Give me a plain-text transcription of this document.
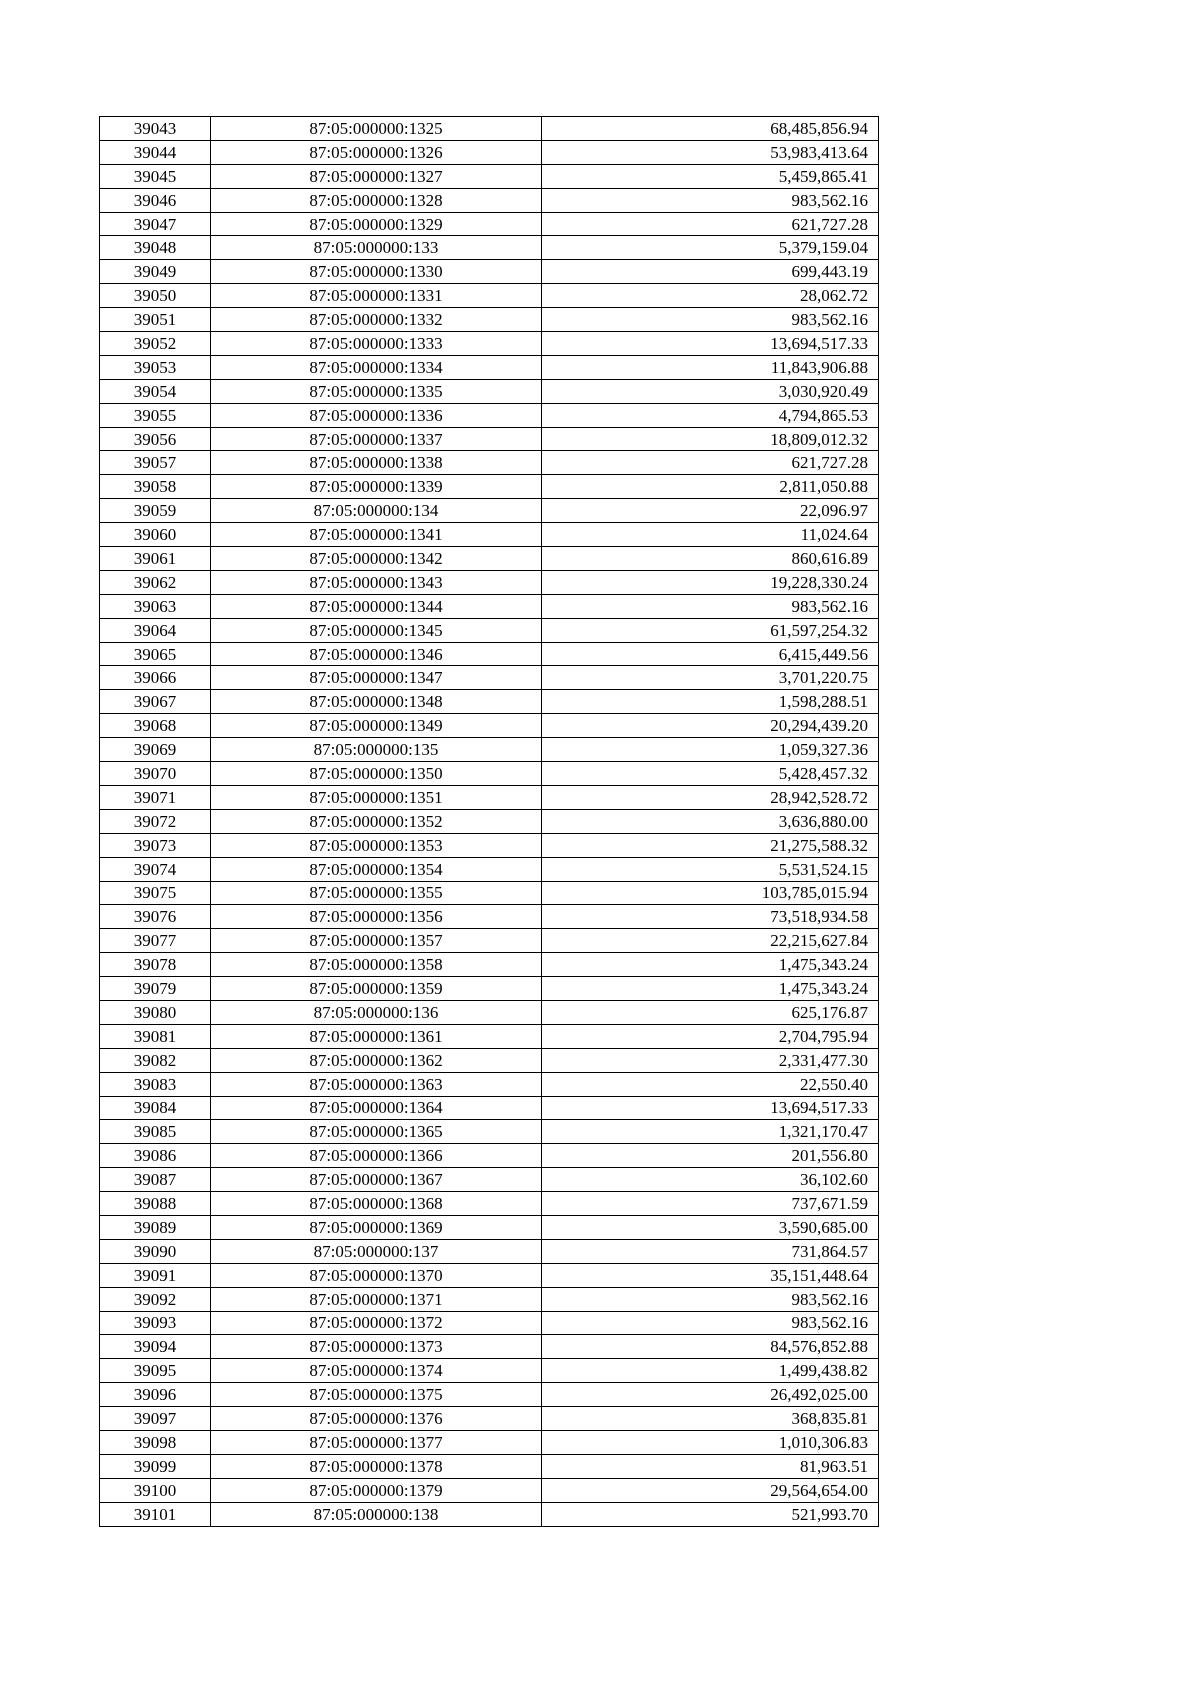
39043	87:05:000000:1325	68,485,856.94
39044	87:05:000000:1326	53,983,413.64
39045	87:05:000000:1327	5,459,865.41
39046	87:05:000000:1328	983,562.16
39047	87:05:000000:1329	621,727.28
39048	87:05:000000:133	5,379,159.04
39049	87:05:000000:1330	699,443.19
39050	87:05:000000:1331	28,062.72
39051	87:05:000000:1332	983,562.16
39052	87:05:000000:1333	13,694,517.33
39053	87:05:000000:1334	11,843,906.88
39054	87:05:000000:1335	3,030,920.49
39055	87:05:000000:1336	4,794,865.53
39056	87:05:000000:1337	18,809,012.32
39057	87:05:000000:1338	621,727.28
39058	87:05:000000:1339	2,811,050.88
39059	87:05:000000:134	22,096.97
39060	87:05:000000:1341	11,024.64
39061	87:05:000000:1342	860,616.89
39062	87:05:000000:1343	19,228,330.24
39063	87:05:000000:1344	983,562.16
39064	87:05:000000:1345	61,597,254.32
39065	87:05:000000:1346	6,415,449.56
39066	87:05:000000:1347	3,701,220.75
39067	87:05:000000:1348	1,598,288.51
39068	87:05:000000:1349	20,294,439.20
39069	87:05:000000:135	1,059,327.36
39070	87:05:000000:1350	5,428,457.32
39071	87:05:000000:1351	28,942,528.72
39072	87:05:000000:1352	3,636,880.00
39073	87:05:000000:1353	21,275,588.32
39074	87:05:000000:1354	5,531,524.15
39075	87:05:000000:1355	103,785,015.94
39076	87:05:000000:1356	73,518,934.58
39077	87:05:000000:1357	22,215,627.84
39078	87:05:000000:1358	1,475,343.24
39079	87:05:000000:1359	1,475,343.24
39080	87:05:000000:136	625,176.87
39081	87:05:000000:1361	2,704,795.94
39082	87:05:000000:1362	2,331,477.30
39083	87:05:000000:1363	22,550.40
39084	87:05:000000:1364	13,694,517.33
39085	87:05:000000:1365	1,321,170.47
39086	87:05:000000:1366	201,556.80
39087	87:05:000000:1367	36,102.60
39088	87:05:000000:1368	737,671.59
39089	87:05:000000:1369	3,590,685.00
39090	87:05:000000:137	731,864.57
39091	87:05:000000:1370	35,151,448.64
39092	87:05:000000:1371	983,562.16
39093	87:05:000000:1372	983,562.16
39094	87:05:000000:1373	84,576,852.88
39095	87:05:000000:1374	1,499,438.82
39096	87:05:000000:1375	26,492,025.00
39097	87:05:000000:1376	368,835.81
39098	87:05:000000:1377	1,010,306.83
39099	87:05:000000:1378	81,963.51
39100	87:05:000000:1379	29,564,654.00
39101	87:05:000000:138	521,993.70
